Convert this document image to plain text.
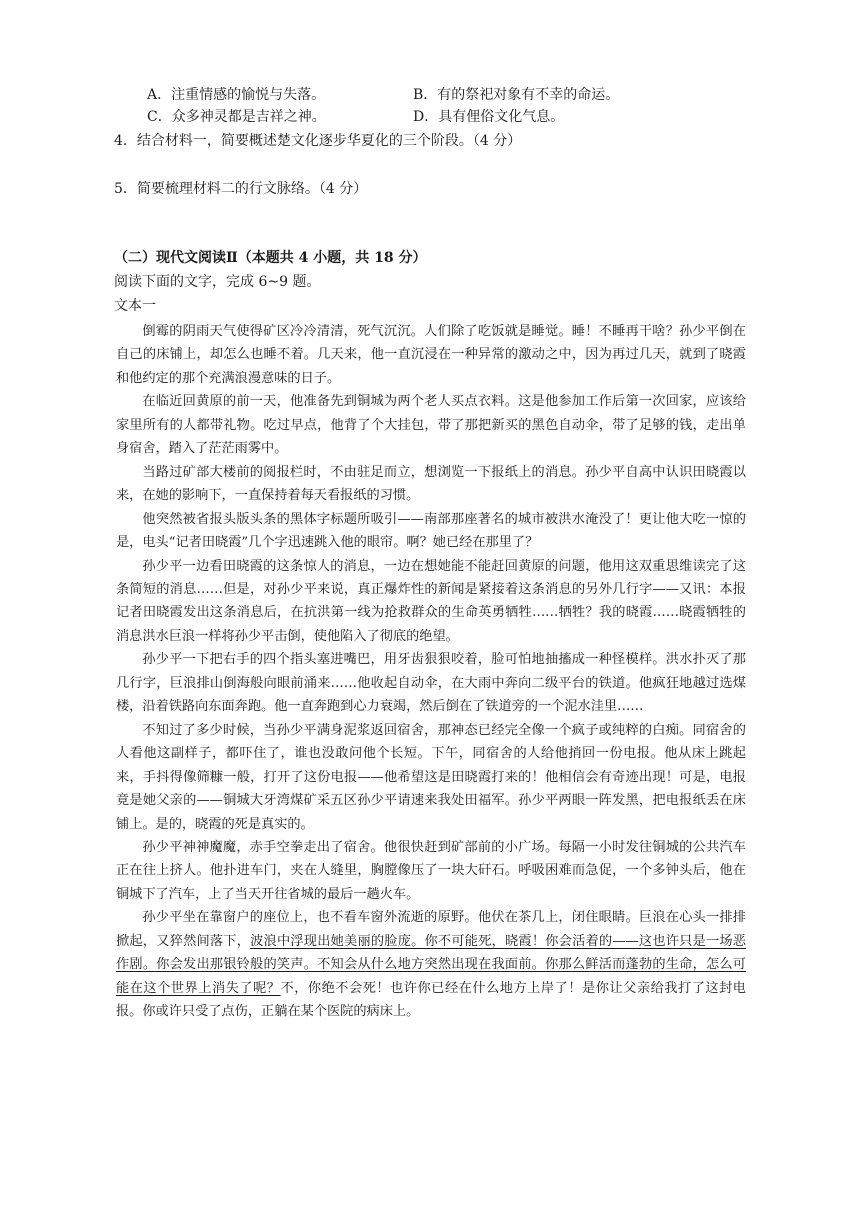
A．注重情感的愉悦与失落。	B．有的祭祀对象有不幸的命运。
C．众多神灵都是吉祥之神。	D．具有俚俗文化气息。
4．结合材料一，简要概述楚文化逐步华夏化的三个阶段。（4 分）
5．简要梳理材料二的行文脉络。（4 分）
（二）现代文阅读Ⅱ（本题共 4 小题，共 18 分）
阅读下面的文字，完成 6~9 题。
文本一

倒霉的阴雨天气使得矿区冷冷清清，死气沉沉。人们除了吃饭就是睡觉。睡！不睡再干啥？孙少平倒在自己的床铺上，却怎么也睡不着。几天来，他一直沉浸在一种异常的激动之中，因为再过几天，就到了晓霞和他约定的那个充满浪漫意味的日子。

在临近回黄原的前一天，他准备先到铜城为两个老人买点衣料。这是他参加工作后第一次回家，应该给家里所有的人都带礼物。吃过早点，他背了个大挂包，带了那把新买的黑色自动伞，带了足够的钱，走出单身宿舍，踏入了茫茫雨雾中。

当路过矿部大楼前的阅报栏时，不由驻足而立，想浏览一下报纸上的消息。孙少平自高中认识田晓霞以来，在她的影响下，一直保持着每天看报纸的习惯。

他突然被省报头版头条的黑体字标题所吸引——南部那座著名的城市被洪水淹没了！更让他大吃一惊的是，电头“记者田晓霞”几个字迅速跳入他的眼帘。啊？她已经在那里了？

孙少平一边看田晓霞的这条惊人的消息，一边在想她能不能赶回黄原的问题，他用这双重思维读完了这条简短的消息……但是，对孙少平来说，真正爆炸性的新闻是紧接着这条消息的另外几行字——又讯：本报记者田晓霞发出这条消息后，在抗洪第一线为抢救群众的生命英勇牺牲……牺牲？我的晓霞……晓霞牺牲的消息洪水巨浪一样将孙少平击倒，使他陷入了彻底的绝望。

孙少平一下把右手的四个指头塞进嘴巴，用牙齿狠狠咬着，脸可怕地抽搐成一种怪模样。洪水扑灭了那几行字，巨浪排山倒海般向眼前涌来……他收起自动伞，在大雨中奔向二级平台的铁道。他疯狂地越过选煤楼，沿着铁路向东面奔跑。他一直奔跑到心力衰竭，然后倒在了铁道旁的一个泥水洼里……

不知过了多少时候，当孙少平满身泥浆返回宿舍，那神态已经完全像一个疯子或纯粹的白痴。同宿舍的人看他这副样子，都吓住了，谁也没敢问他个长短。下午，同宿舍的人给他捎回一份电报。他从床上跳起来，手抖得像筛糠一般，打开了这份电报——他希望这是田晓霞打来的！他相信会有奇迹出现！可是，电报竟是她父亲的——铜城大牙湾煤矿采五区孙少平请速来我处田福军。孙少平两眼一阵发黑，把电报纸丢在床铺上。是的，晓霞的死是真实的。

孙少平神神魔魔，赤手空拳走出了宿舍。他很快赶到矿部前的小广场。每隔一小时发往铜城的公共汽车正在往上挤人。他扑进车门，夹在人缝里，胸膛像压了一块大矸石。呼吸困难而急促，一个多钟头后，他在铜城下了汽车，上了当天开往省城的最后一趟火车。

孙少平坐在靠窗户的座位上，也不看车窗外流逝的原野。他伏在茶几上，闭住眼睛。巨浪在心头一排排掀起，又猝然间落下，波浪中浮现出她美丽的脸庞。你不可能死，晓霞！你会活着的——这也许只是一场恶作剧。你会发出那银铃般的笑声。不知会从什么地方突然出现在我面前。你那么鲜活而蓬勃的生命，怎么可能在这个世界上消失了呢？不，你绝不会死！也许你已经在什么地方上岸了！是你让父亲给我打了这封电报。你或许只受了点伤，正躺在某个医院的病床上。
